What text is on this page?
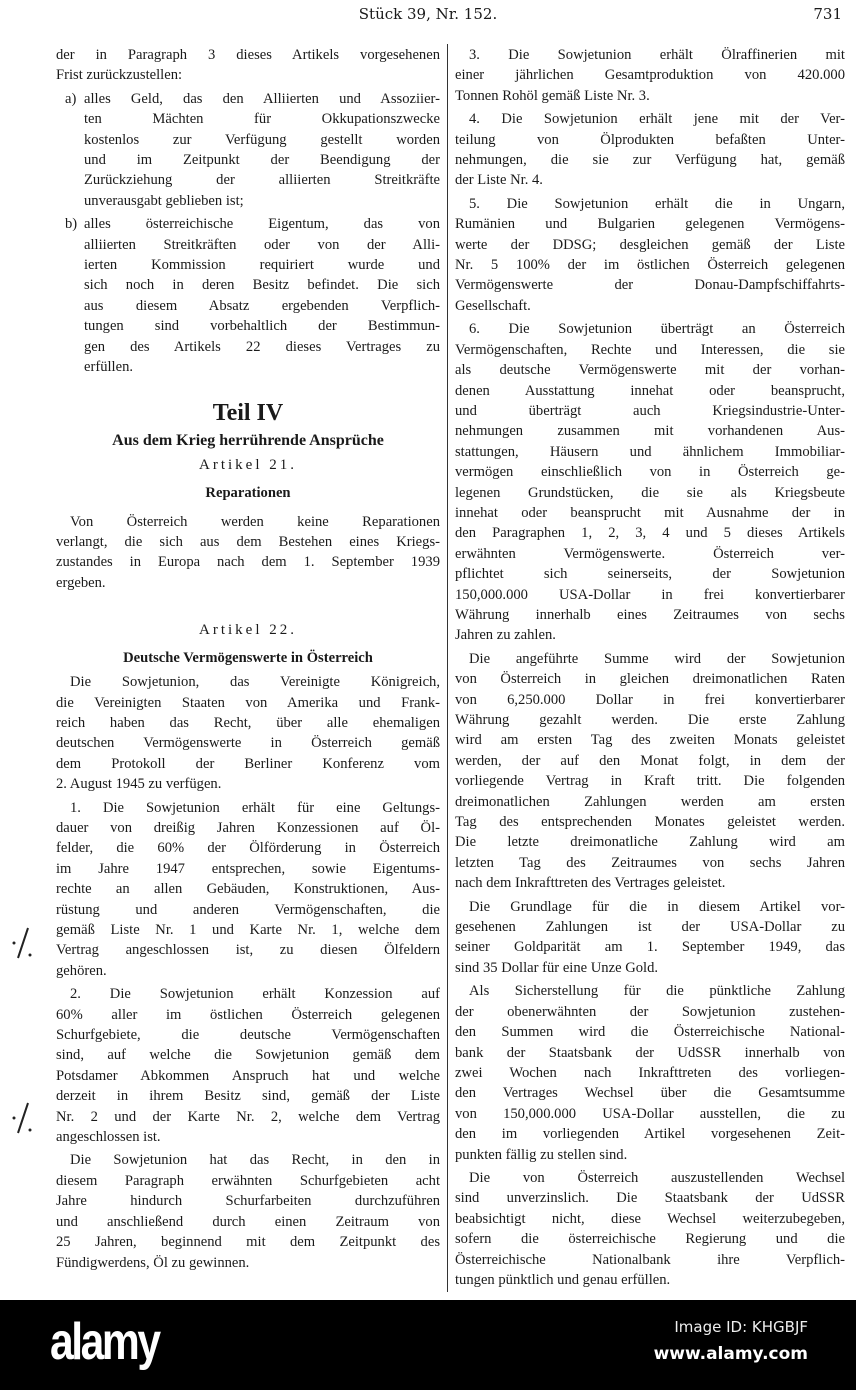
Stück 39, Nr. 152.	731
der in Paragraph 3 dieses Artikels vorgesehenen
Frist zurückzustellen:
a) alles Geld, das den Alliierten und Assoziier-
ten Mächten für Okkupationszwecke
kostenlos zur Verfügung gestellt worden
und im Zeitpunkt der Beendigung der
Zurückziehung der alliierten Streitkräfte
unverausgabt geblieben ist;
b) alles österreichische Eigentum, das von
alliierten Streitkräften oder von der Alli-
ierten Kommission requiriert wurde und
sich noch in deren Besitz befindet. Die sich
aus diesem Absatz ergebenden Verpflich-
tungen sind vorbehaltlich der Bestimmun-
gen des Artikels 22 dieses Vertrages zu
erfüllen.
Teil IV
Aus dem Krieg herrührende Ansprüche
Artikel 21.
Reparationen
Von Österreich werden keine Reparationen
verlangt, die sich aus dem Bestehen eines Kriegs-
zustandes in Europa nach dem 1. September 1939
ergeben.
Artikel 22.
Deutsche Vermögenswerte in Österreich
Die Sowjetunion, das Vereinigte Königreich,
die Vereinigten Staaten von Amerika und Frank-
reich haben das Recht, über alle ehemaligen
deutschen Vermögenswerte in Österreich gemäß
dem Protokoll der Berliner Konferenz vom
2. August 1945 zu verfügen.
1. Die Sowjetunion erhält für eine Geltungs-
dauer von dreißig Jahren Konzessionen auf Öl-
felder, die 60% der Ölförderung in Österreich
im Jahre 1947 entsprechen, sowie Eigentums-
rechte an allen Gebäuden, Konstruktionen, Aus-
rüstung und anderen Vermögenschaften, die
gemäß Liste Nr. 1 und Karte Nr. 1, welche dem
Vertrag angeschlossen ist, zu diesen Ölfeldern
gehören.
2. Die Sowjetunion erhält Konzession auf
60% aller im östlichen Österreich gelegenen
Schurfgebiete, die deutsche Vermögenschaften
sind, auf welche die Sowjetunion gemäß dem
Potsdamer Abkommen Anspruch hat und welche
derzeit in ihrem Besitz sind, gemäß der Liste
Nr. 2 und der Karte Nr. 2, welche dem Vertrag
angeschlossen ist.
Die Sowjetunion hat das Recht, in den in
diesem Paragraph erwähnten Schurfgebieten acht
Jahre hindurch Schurfarbeiten durchzuführen
und anschließend durch einen Zeitraum von
25 Jahren, beginnend mit dem Zeitpunkt des
Fündigwerdens, Öl zu gewinnen.
3. Die Sowjetunion erhält Ölraffinerien mit
einer jährlichen Gesamtproduktion von 420.000
Tonnen Rohöl gemäß Liste Nr. 3.
4. Die Sowjetunion erhält jene mit der Ver-
teilung von Ölprodukten befaßten Unter-
nehmungen, die sie zur Verfügung hat, gemäß
der Liste Nr. 4.
5. Die Sowjetunion erhält die in Ungarn,
Rumänien und Bulgarien gelegenen Vermögens-
werte der DDSG; desgleichen gemäß der Liste
Nr. 5 100% der im östlichen Österreich gelegenen
Vermögenswerte der Donau-Dampfschiffahrts-
Gesellschaft.
6. Die Sowjetunion überträgt an Österreich
Vermögenschaften, Rechte und Interessen, die sie
als deutsche Vermögenswerte mit der vorhan-
denen Ausstattung innehat oder beansprucht,
und überträgt auch Kriegsindustrie-Unter-
nehmungen zusammen mit vorhandenen Aus-
stattungen, Häusern und ähnlichem Immobiliar-
vermögen einschließlich von in Österreich ge-
legenen Grundstücken, die sie als Kriegsbeute
innehat oder beansprucht mit Ausnahme der in
den Paragraphen 1, 2, 3, 4 und 5 dieses Artikels
erwähnten Vermögenswerte. Österreich ver-
pflichtet sich seinerseits, der Sowjetunion
150,000.000 USA-Dollar in frei konvertierbarer
Währung innerhalb eines Zeitraumes von sechs
Jahren zu zahlen.
Die angeführte Summe wird der Sowjetunion
von Österreich in gleichen dreimonatlichen Raten
von 6,250.000 Dollar in frei konvertierbarer
Währung gezahlt werden. Die erste Zahlung
wird am ersten Tag des zweiten Monats geleistet
werden, der auf den Monat folgt, in dem der
vorliegende Vertrag in Kraft tritt. Die folgenden
dreimonatlichen Zahlungen werden am ersten
Tag des entsprechenden Monates geleistet werden.
Die letzte dreimonatliche Zahlung wird am
letzten Tag des Zeitraumes von sechs Jahren
nach dem Inkrafttreten des Vertrages geleistet.
Die Grundlage für die in diesem Artikel vor-
gesehenen Zahlungen ist der USA-Dollar zu
seiner Goldparität am 1. September 1949, das
sind 35 Dollar für eine Unze Gold.
Als Sicherstellung für die pünktliche Zahlung
der obenerwähnten der Sowjetunion zustehen-
den Summen wird die Österreichische National-
bank der Staatsbank der UdSSR innerhalb von
zwei Wochen nach Inkrafttreten des vorliegen-
den Vertrages Wechsel über die Gesamtsumme
von 150,000.000 USA-Dollar ausstellen, die zu
den im vorliegenden Artikel vorgesehenen Zeit-
punkten fällig zu stellen sind.
Die von Österreich auszustellenden Wechsel
sind unverzinslich. Die Staatsbank der UdSSR
beabsichtigt nicht, diese Wechsel weiterzubegeben,
sofern die österreichische Regierung und die
Österreichische Nationalbank ihre Verpflich-
tungen pünktlich und genau erfüllen.
alamy	Image ID: KHGBJF
www.alamy.com
